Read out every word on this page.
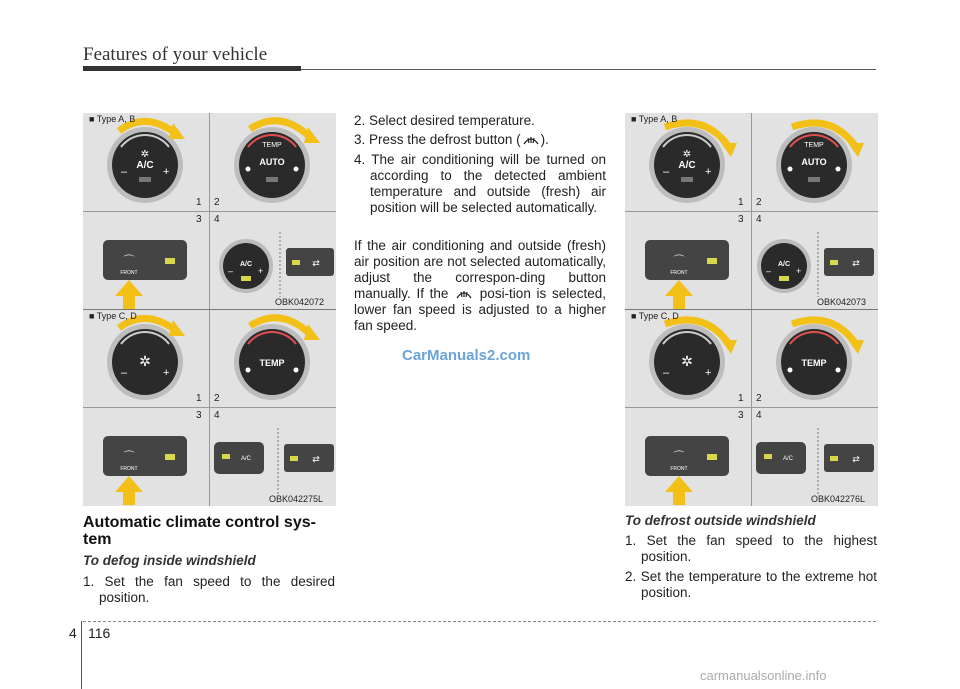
Features of your vehicle
✲
A/C
–	+
TEMP
AUTO
⌒
FRONT
A/C
–	+
⇄
✲
–	+
TEMP
⌒
FRONT
A/C	⇄
■ Type A, B
■ Type C, D
1 2
3 4
1 2
3 4
OBK042072
OBK042275L
✲
A/C
–	+
TEMP
AUTO
⌒
FRONT
A/C
–	+
⇄
✲
–	+
TEMP
⌒
FRONT
A/C	⇄
■ Type A, B
■ Type C, D
1 2
3 4
1 2
3 4
OBK042073
OBK042276L
Automatic climate control sys-tem
To defog inside windshield
1. Set the fan speed to the desired position.
2. Select desired temperature.
3. Press the defrost button ( ).
4. The air conditioning will be turned on according to the detected ambient temperature and outside (fresh) air position will be selected automatically.
If the air conditioning and outside (fresh) air position are not selected automatically, adjust the correspon-ding button manually. If the posi-tion is selected, lower fan speed is adjusted to a higher fan speed.
CarManuals2.com
To defrost outside windshield
1. Set the fan speed to the highest position.
2. Set the temperature to the extreme hot position.
4 116
carmanualsonline.info
